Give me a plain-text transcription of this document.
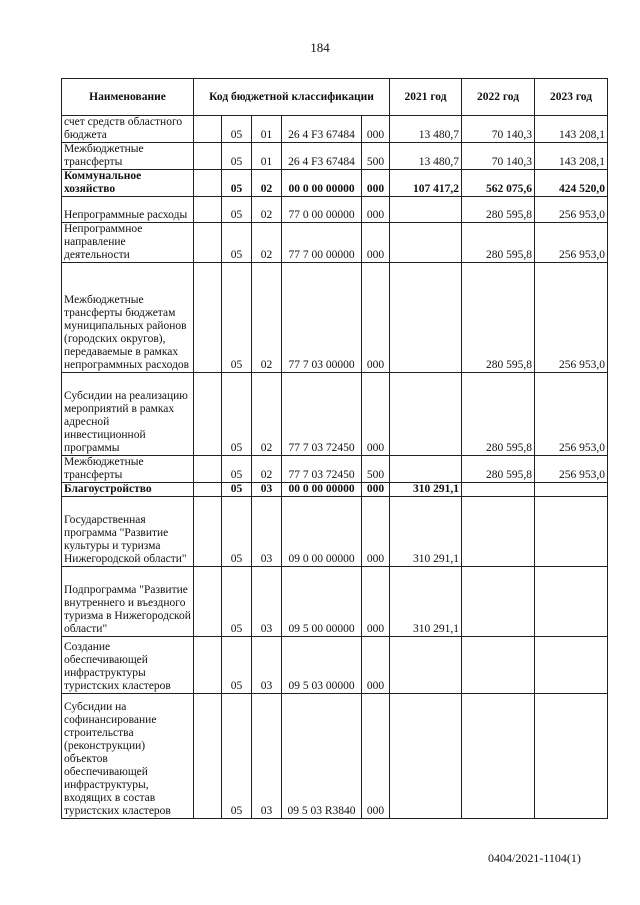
184
Наименование	Код бюджетной классификации					2021 год	2022 год	2023 год
счет средств областного бюджета		05	01	26 4 F3 67484	000	13 480,7	70 140,3	143 208,1
Межбюджетные трансферты		05	01	26 4 F3 67484	500	13 480,7	70 140,3	143 208,1
Коммунальное хозяйство		05	02	00 0 00 00000	000	107 417,2	562 075,6	424 520,0
Непрограммные расходы		05	02	77 0 00 00000	000		280 595,8	256 953,0
Непрограммное направление деятельности		05	02	77 7 00 00000	000		280 595,8	256 953,0
Межбюджетные трансферты бюджетам муниципальных районов (городских округов), передаваемые в рамках непрограммных расходов		05	02	77 7 03 00000	000		280 595,8	256 953,0
Субсидии на реализацию мероприятий в рамках адресной инвестиционной программы		05	02	77 7 03 72450	000		280 595,8	256 953,0
Межбюджетные трансферты		05	02	77 7 03 72450	500		280 595,8	256 953,0
Благоустройство		05	03	00 0 00 00000	000	310 291,1		
Государственная программа "Развитие культуры и туризма Нижегородской области"		05	03	09 0 00 00000	000	310 291,1		
Подпрограмма "Развитие внутреннего и въездного туризма в Нижегородской области"		05	03	09 5 00 00000	000	310 291,1		
Создание обеспечивающей инфраструктуры туристских кластеров		05	03	09 5 03 00000	000			
Субсидии на софинансирование строительства (реконструкции) объектов обеспечивающей инфраструктуры, входящих в состав туристских кластеров		05	03	09 5 03 R3840	000			
0404/2021-1104(1)
